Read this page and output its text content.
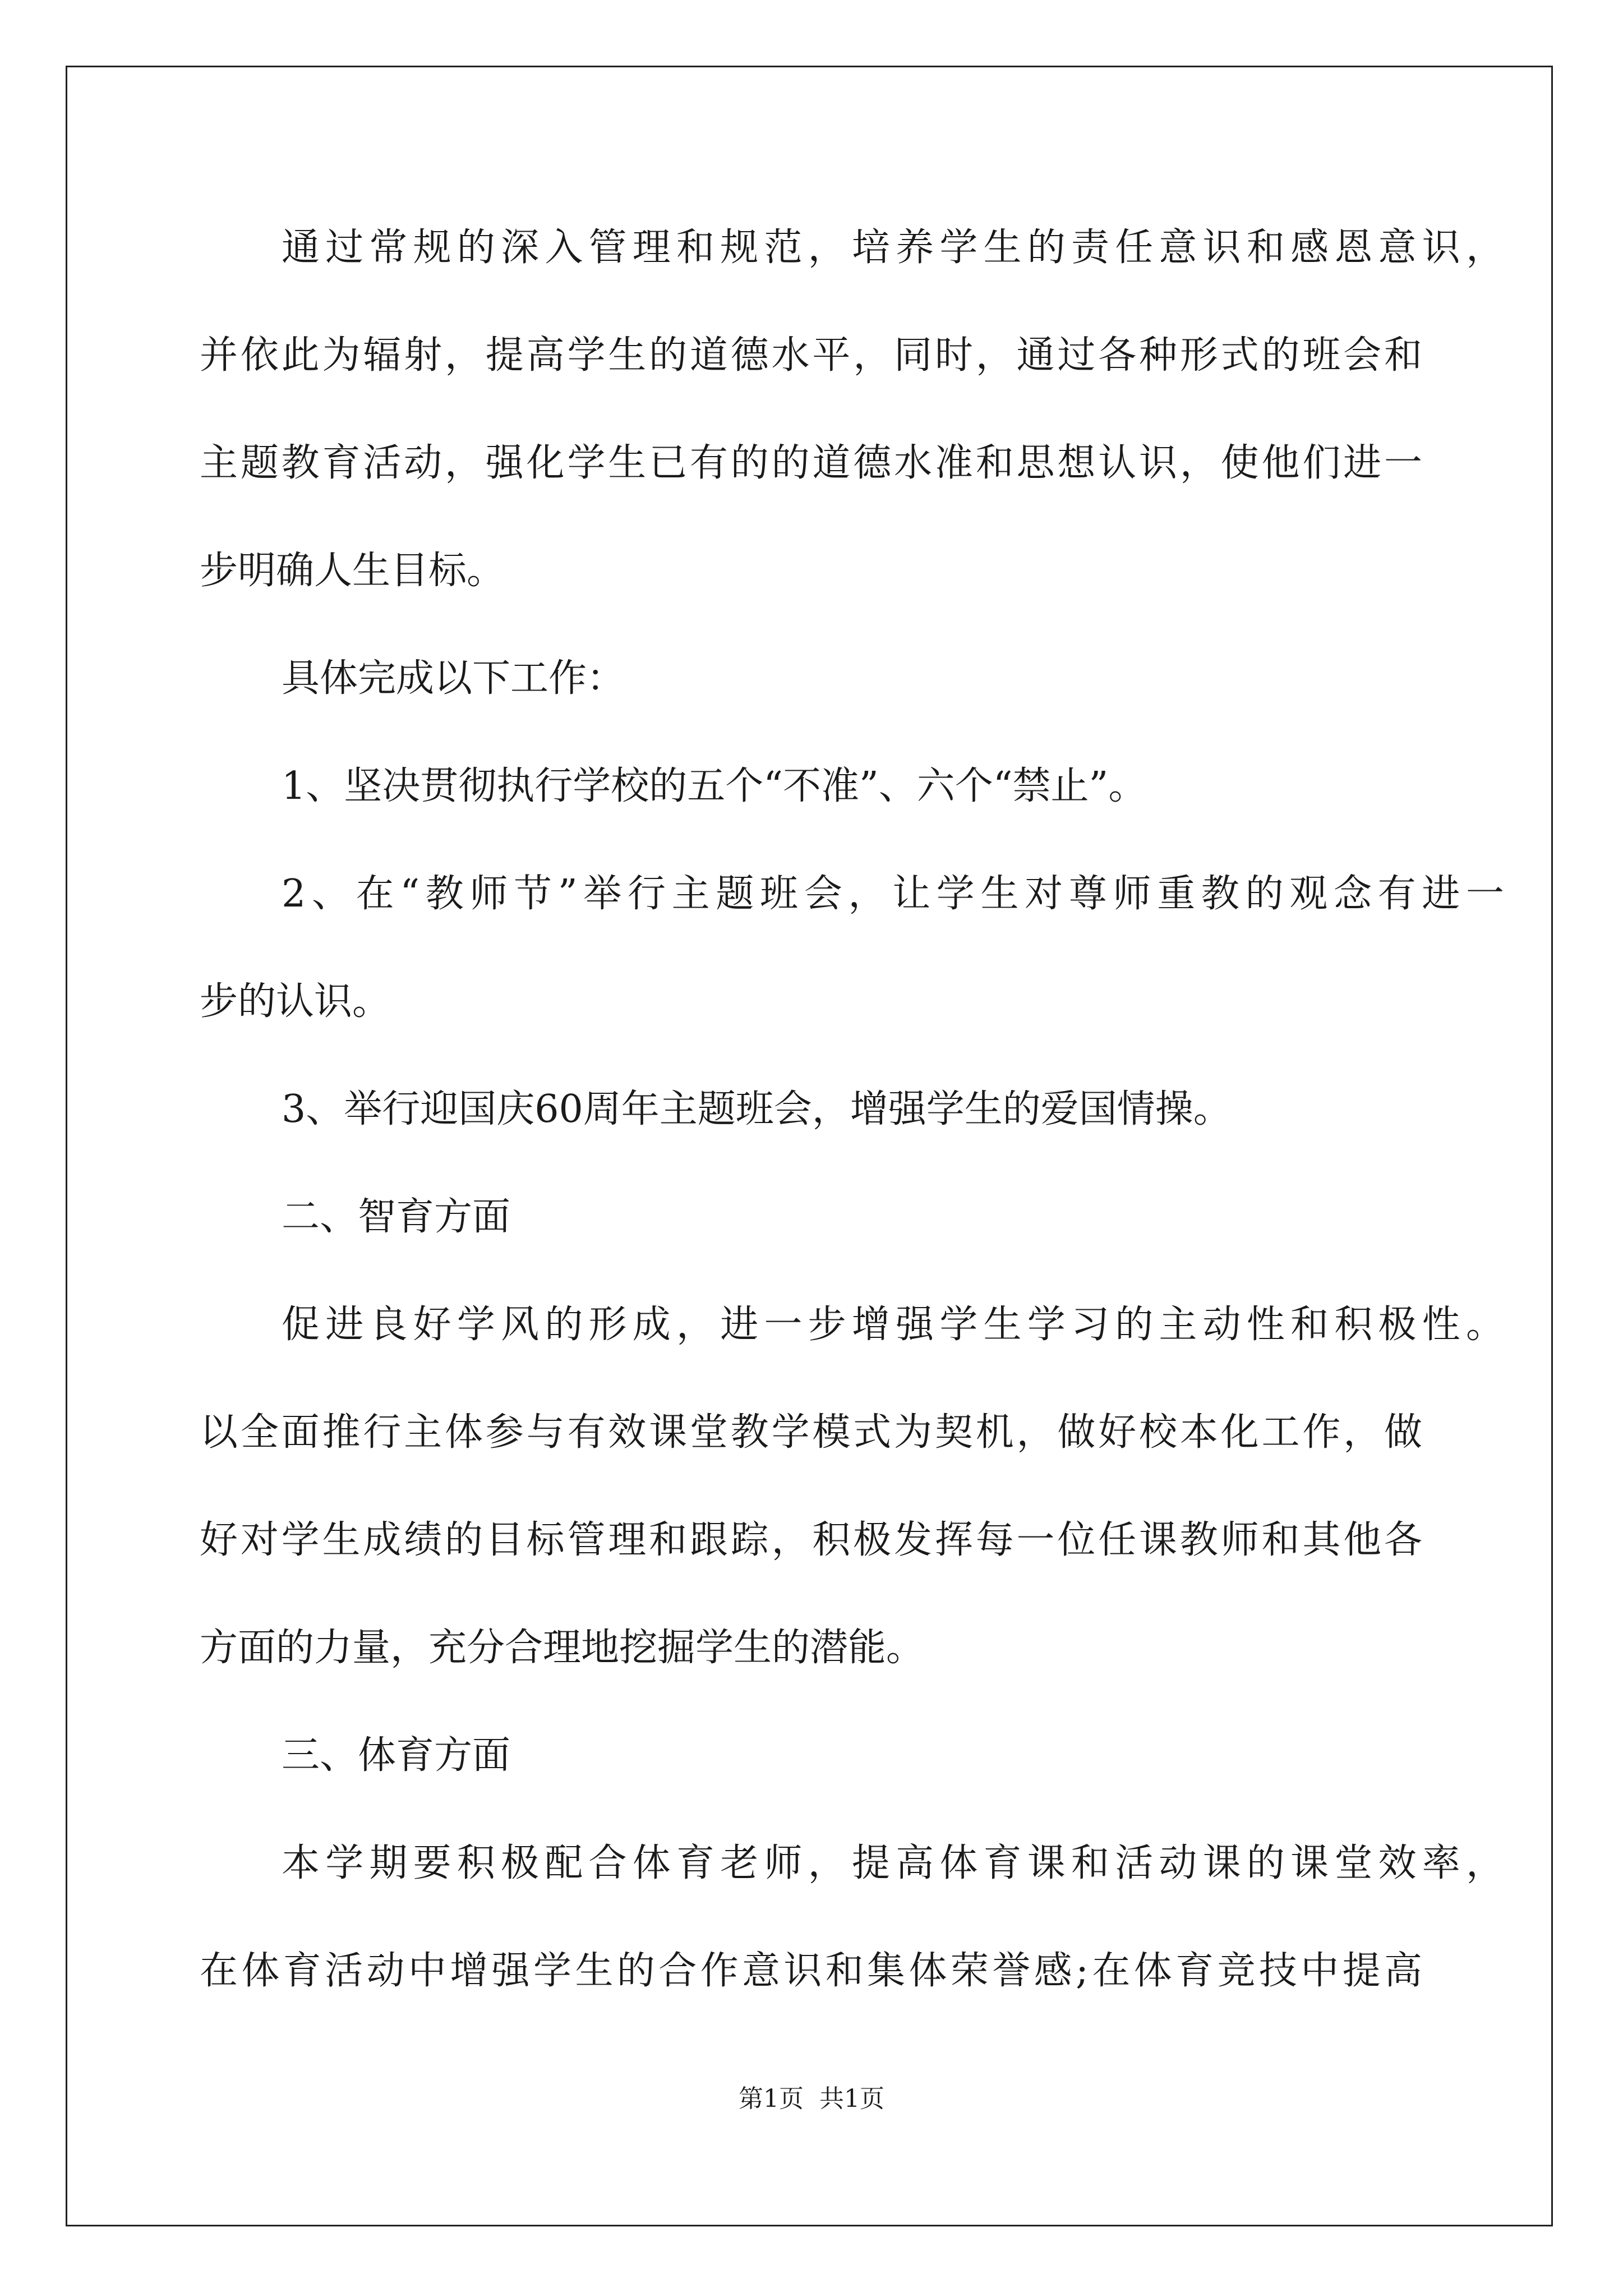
通过常规的深入管理和规范，培养学生的责任意识和感恩意识，
并依此为辐射，提高学生的道德水平，同时，通过各种形式的班会和
主题教育活动，强化学生已有的的道德水准和思想认识，使他们进一
步明确人生目标。
具体完成以下工作：
1、坚决贯彻执行学校的五个“不准”、六个“禁止”。
2、在“教师节”举行主题班会，让学生对尊师重教的观念有进一
步的认识。
3、举行迎国庆60周年主题班会，增强学生的爱国情操。
二、智育方面
促进良好学风的形成，进一步增强学生学习的主动性和积极性。
以全面推行主体参与有效课堂教学模式为契机，做好校本化工作，做
好对学生成绩的目标管理和跟踪，积极发挥每一位任课教师和其他各
方面的力量，充分合理地挖掘学生的潜能。
三、体育方面
本学期要积极配合体育老师，提高体育课和活动课的课堂效率，
在体育活动中增强学生的合作意识和集体荣誉感;在体育竞技中提高
第1页 共1页
